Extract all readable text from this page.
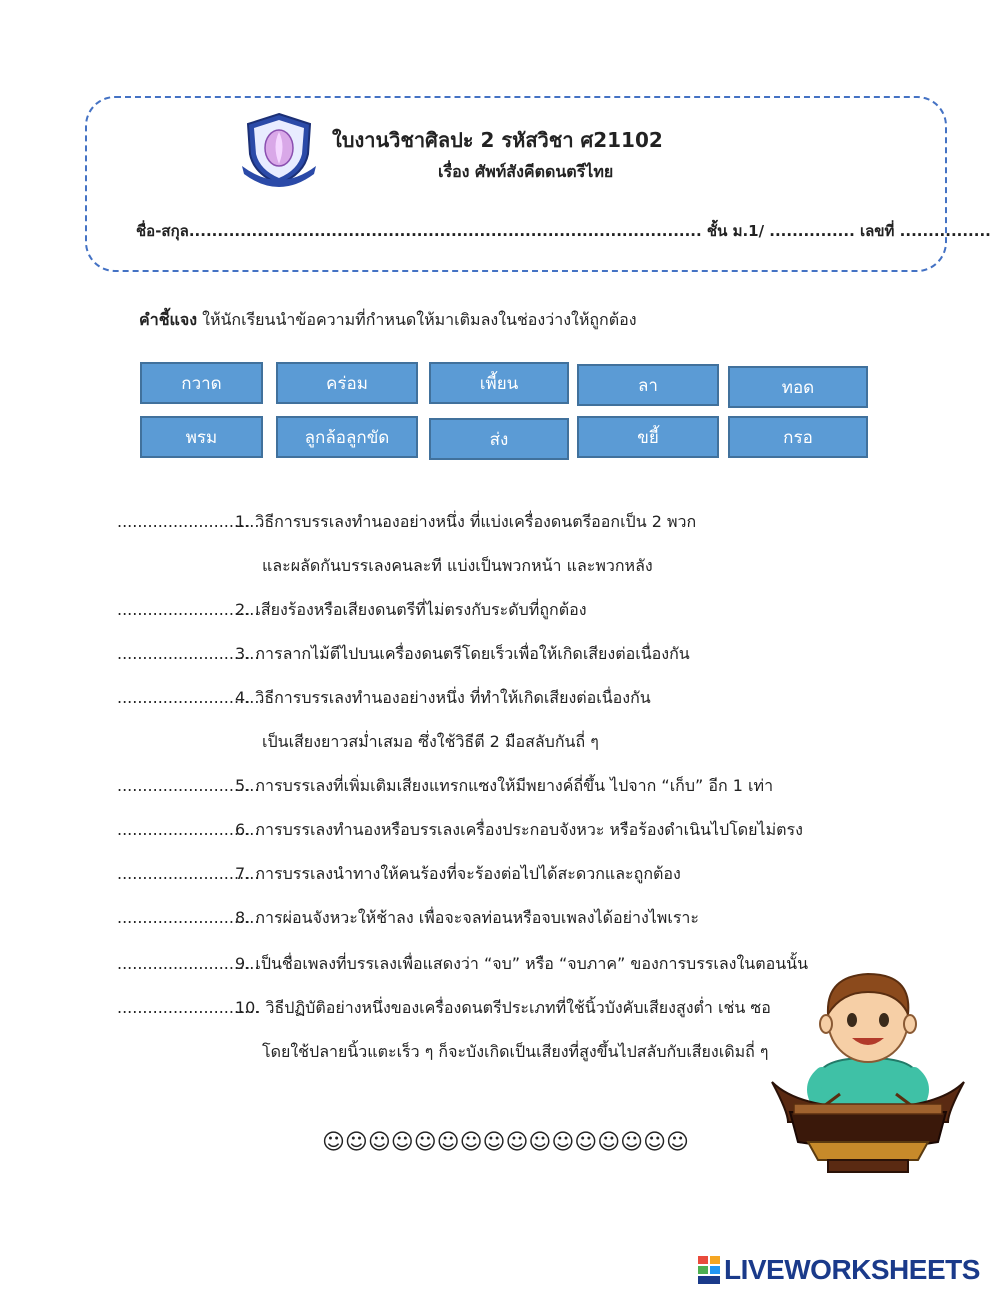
ใบงานวิชาศิลปะ 2 รหัสวิชา ศ21102
เรื่อง ศัพท์สังคีตดนตรีไทย
ชื่อ-สกุล.......................................................................................... ชั้น ม.1/ ............... เลขที่ ................
คำชี้แจง ให้นักเรียนนำข้อความที่กำหนดให้มาเติมลงในช่องว่างให้ถูกต้อง
กวาด	คร่อม	เพี้ยน	ลา	ทอด
พรม	ลูกล้อลูกขัด	ส่ง	ขยี้	กรอ
............................1. วิธีการบรรเลงทำนองอย่างหนึ่ง ที่แบ่งเครื่องดนตรีออกเป็น 2 พวก
และผลัดกันบรรเลงคนละที แบ่งเป็นพวกหน้า และพวกหลัง
............................2. เสียงร้องหรือเสียงดนตรีที่ไม่ตรงกับระดับที่ถูกต้อง
............................3. การลากไม้ตีไปบนเครื่องดนตรีโดยเร็วเพื่อให้เกิดเสียงต่อเนื่องกัน
............................4. วิธีการบรรเลงทำนองอย่างหนึ่ง ที่ทำให้เกิดเสียงต่อเนื่องกัน
เป็นเสียงยาวสม่ำเสมอ ซึ่งใช้วิธีตี 2 มือสลับกันถี่ ๆ
............................5. การบรรเลงที่เพิ่มเติมเสียงแทรกแซงให้มีพยางค์ถี่ขึ้น ไปจาก “เก็บ” อีก 1 เท่า
............................6. การบรรเลงทำนองหรือบรรเลงเครื่องประกอบจังหวะ หรือร้องดำเนินไปโดยไม่ตรง
............................7. การบรรเลงนำทางให้คนร้องที่จะร้องต่อไปได้สะดวกและถูกต้อง
............................8. การผ่อนจังหวะให้ช้าลง เพื่อจะจลท่อนหรือจบเพลงได้อย่างไพเราะ
............................9. เป็นชื่อเพลงที่บรรเลงเพื่อแสดงว่า “จบ” หรือ “จบภาค” ของการบรรเลงในตอนนั้น
............................10. วิธีปฏิบัติอย่างหนึ่งของเครื่องดนตรีประเภทที่ใช้นิ้วบังคับเสียงสูงต่ำ เช่น ซอ
โดยใช้ปลายนิ้วแตะเร็ว ๆ ก็จะบังเกิดเป็นเสียงที่สูงขึ้นไปสลับกับเสียงเดิมถี่ ๆ
☺☺☺☺☺☺☺☺☺☺☺☺☺☺☺☺
LIVEWORKSHEETS
